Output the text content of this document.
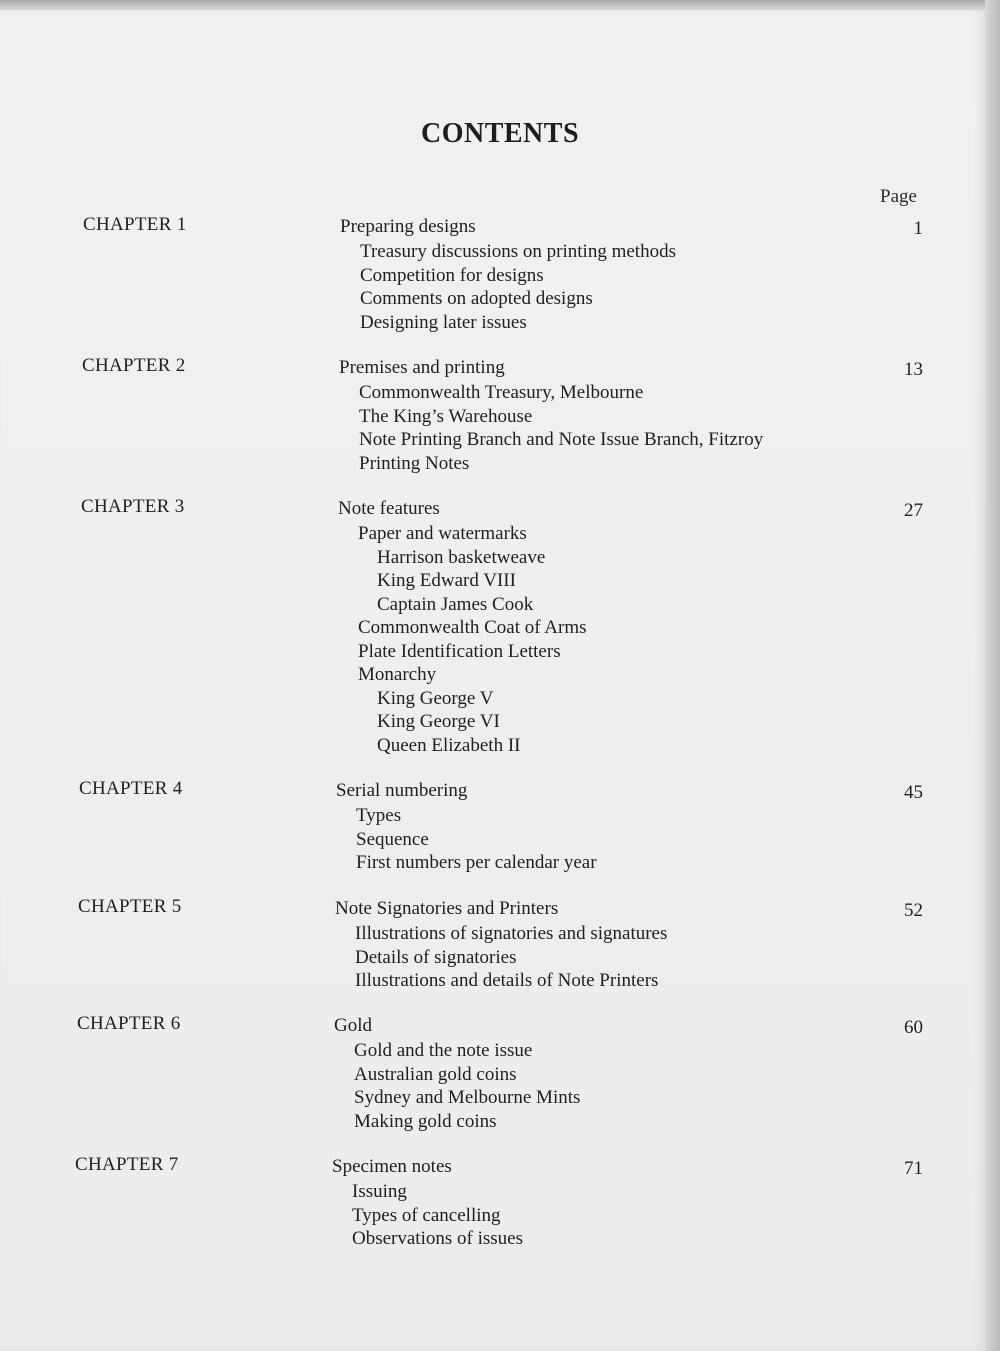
CONTENTS
Page
CHAPTER 1	Preparing designs	1
Treasury discussions on printing methods
Competition for designs
Comments on adopted designs
Designing later issues
CHAPTER 2	Premises and printing	13
Commonwealth Treasury, Melbourne
The King’s Warehouse
Note Printing Branch and Note Issue Branch, Fitzroy
Printing Notes
CHAPTER 3	Note features	27
Paper and watermarks
Harrison basketweave
King Edward VIII
Captain James Cook
Commonwealth Coat of Arms
Plate Identification Letters
Monarchy
King George V
King George VI
Queen Elizabeth II
CHAPTER 4	Serial numbering	45
Types
Sequence
First numbers per calendar year
CHAPTER 5	Note Signatories and Printers	52
Illustrations of signatories and signatures
Details of signatories
Illustrations and details of Note Printers
CHAPTER 6	Gold	60
Gold and the note issue
Australian gold coins
Sydney and Melbourne Mints
Making gold coins
CHAPTER 7	Specimen notes	71
Issuing
Types of cancelling
Observations of issues
